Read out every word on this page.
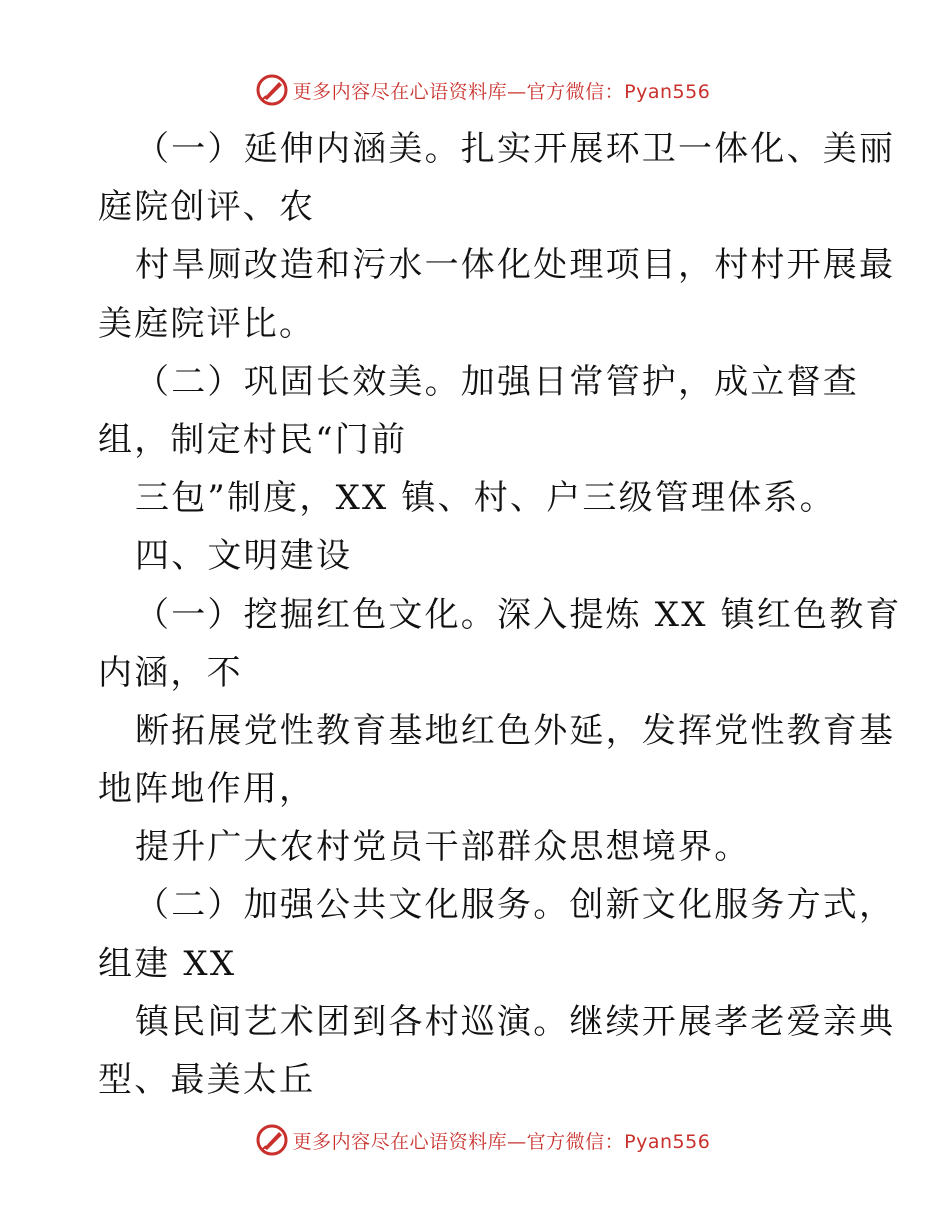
更多内容尽在心语资料库—官方微信：Pyan556
（一）延伸内涵美。扎实开展环卫一体化、美丽
庭院创评、农
村旱厕改造和污水一体化处理项目，村村开展最
美庭院评比。
（二）巩固长效美。加强日常管护，成立督查
组，制定村民“门前
三包”制度，XX 镇、村、户三级管理体系。
四、文明建设
（一）挖掘红色文化。深入提炼 XX 镇红色教育
内涵，不
断拓展党性教育基地红色外延，发挥党性教育基
地阵地作用，
提升广大农村党员干部群众思想境界。
（二）加强公共文化服务。创新文化服务方式，
组建 XX
镇民间艺术团到各村巡演。继续开展孝老爱亲典
型、最美太丘
更多内容尽在心语资料库—官方微信：Pyan556
